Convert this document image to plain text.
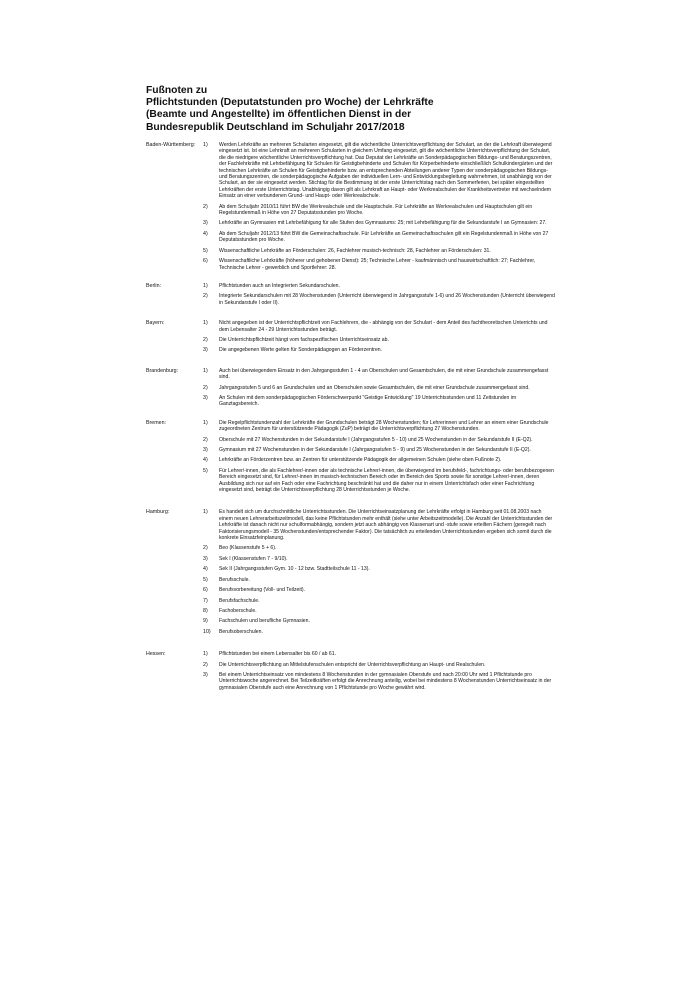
Fußnoten zu
Pflichtstunden (Deputatstunden pro Woche) der Lehrkräfte
(Beamte und Angestellte) im öffentlichen Dienst in der
Bundesrepublik Deutschland im Schuljahr 2017/2018
Baden-Württemberg:	1)	Werden Lehrkräfte an mehreren Schularten eingesetzt, gilt die wöchentliche Unterrichtsverpflichtung der Schulart, an der die Lehrkraft überwiegend eingesetzt ist. Ist eine Lehrkraft an mehreren Schularten in gleichem Umfang eingesetzt, gilt die wöchentliche Unterrichtsverpflichtung der Schulart, die die niedrigere wöchentliche Unterrichtsverpflichtung hat. Das Deputat der Lehrkräfte an Sonderpädagogischen Bildungs- und Beratungszentren, der Fachlehrkräfte mit Lehrbefähigung für Schulen für Geistigbehinderte und Schulen für Körperbehinderte einschließlich Schulkindergärten und der technischen Lehrkräfte an Schulen für Geistigbehinderte bzw. an entsprechenden Abteilungen anderer Typen der sonderpädagogischen Bildungs- und Beratungszentren, die sonderpädagogische Aufgaben der individuellen Lern- und Entwicklungsbegleitung wahrnehmen, ist unabhängig von der Schulart, an der sie eingesetzt werden. Stichtag für die Bestimmung ist der erste Unterrichtstag nach den Sommerferien, bei später eingestellten Lehrkräften der erste Unterrichtstag. Unabhängig davon gilt als Lehrkraft an Haupt- oder Werkrealschulen der Krankheitsvertreter mit wechselndem Einsatz an einer verbundenen Grund- und Haupt- oder Werkrealschule.
2)	Ab dem Schuljahr 2010/11 führt BW die Werkrealschule und die Hauptschule. Für Lehrkräfte an Werkrealschulen und Hauptschulen gilt ein Regelstundenmaß in Höhe von 27 Deputatsstunden pro Woche.
3)	Lehrkräfte an Gymnasien mit Lehrbefähigung für alle Stufen des Gymnasiums: 25; mit Lehrbefähigung für die Sekundarstufe I an Gymnasien: 27.
4)	Ab dem Schuljahr 2012/13 führt BW die Gemeinschaftsschule. Für Lehrkräfte an Gemeinschaftsschulen gilt ein Regelstundenmaß in Höhe von 27 Deputatsstunden pro Woche.
5)	Wissenschaftliche Lehrkräfte an Förderschulen: 26, Fachlehrer musisch-technisch: 28, Fachlehrer an Förderschulen: 31.
6)	Wissenschaftliche Lehrkräfte (höherer und gehobener Dienst): 25; Technische Lehrer - kaufmännisch und hauswirtschaftlich: 27; Fachlehrer, Technische Lehrer - gewerblich und Sportlehrer: 28.
Berlin:	1)	Pflichtstunden auch an Integrierten Sekundarschulen.
2)	Integrierte Sekundarschulen mit 28 Wochenstunden (Unterricht überwiegend in Jahrgangsstufe 1-6) und 26 Wochenstunden (Unterricht überwiegend in Sekundarstufe I oder II).
Bayern:	1)	Nicht angegeben ist der Unterrichtspflichtzeit von Fachlehrern, die - abhängig von der Schulart - dem Anteil des fachtheoretischen Unterrichts und dem Lebensalter 24 - 29 Unterrichtsstunden beträgt.
2)	Die Unterrichtspflichtzeit hängt vom fachspezifischen Unterrichtseinsatz ab.
3)	Die angegebenen Werte gelten für Sonderpädagogen an Förderzentren.
Brandenburg:	1)	Auch bei überwiegendem Einsatz in den Jahrgangsstufen 1 - 4 an Oberschulen und Gesamtschulen, die mit einer Grundschule zusammengefasst sind.
2)	Jahrgangsstufen 5 und 6 an Grundschulen und an Oberschulen sowie Gesamtschulen, die mit einer Grundschule zusammengefasst sind.
3)	An Schulen mit dem sonderpädagogischen Förderschwerpunkt "Geistige Entwicklung" 19 Unterrichtsstunden und 11 Zeitstunden im Ganztagsbereich.
Bremen:	1)	Die Regelpflichtstundenzahl der Lehrkräfte der Grundschulen beträgt 28 Wochenstunden; für Lehrerinnen und Lehrer an einem einer Grundschule zugeordneten Zentrum für unterstützende Pädagogik (ZuP) beträgt die Unterrichtsverpflichtung 27 Wochenstunden.
2)	Oberschule mit 27 Wochenstunden in der Sekundarstufe I (Jahrgangsstufen 5 - 10) und 25 Wochenstunden in der Sekundarstufe II (E-Q2).
3)	Gymnasium mit 27 Wochenstunden in der Sekundarstufe I (Jahrgangsstufen 5 - 9) und 25 Wochenstunden in der Sekundarstufe II (E-Q2).
4)	Lehrkräfte an Förderzentren bzw. an Zentren für unterstützende Pädagogik der allgemeinen Schulen (siehe oben Fußnote 2).
5)	Für Lehrer/-innen, die als Fachlehrer/-innen oder als technische Lehrer/-innen, die überwiegend im berufsfeld-, fachrichtungs- oder berufsbezogenen Bereich eingesetzt sind, für Lehrer/-innen im musisch-technischen Bereich oder im Bereich des Sports sowie für sonstige Lehrer/-innen, deren Ausbildung sich nur auf ein Fach oder eine Fachrichtung beschränkt hat und die daher nur in einem Unterrichtsfach oder einer Fachrichtung eingesetzt sind, beträgt die Unterrichtsverpflichtung 28 Unterrichtsstunden je Woche.
Hamburg:	1)	Es handelt sich um durchschnittliche Unterrichtsstunden. Die Unterrichtseinsatzplanung der Lehrkräfte erfolgt in Hamburg seit 01.08.2003 nach einem neuen Lehrerarbeitszeitmodell, das keine Pflichtstunden mehr enthält (siehe unter Arbeitszeitmodelle). Die Anzahl der Unterrichtsstunden der Lehrkräfte ist danach nicht nur schulformabhängig, sondern jetzt auch abhängig von Klassenart und -stufe sowie erteilten Fächern (geregelt nach Faktorisierungsmodell - 35 Wochenstunden/entsprechender Faktor). Die tatsächlich zu erteilenden Unterrichtsstunden ergeben sich somit durch die konkrete Einsatzfeinplanung.
2)	Beo (Klassenstufe 5 + 6).
3)	Sek I (Klassenstufen 7 - 9/10).
4)	Sek II (Jahrgangsstufen Gym. 10 - 12 bzw. Stadtteilschule 11 - 13).
5)	Berufsschule.
6)	Berufsvorbereitung (Voll- und Teilzeit).
7)	Berufsfachschule.
8)	Fachoberschule.
9)	Fachschulen und berufliche Gymnasien.
10)	Berufsoberschulen.
Hessen:	1)	Pflichtstunden bei einem Lebensalter bis 60 / ab 61.
2)	Die Unterrichtsverpflichtung an Mittelstufenschulen entspricht der Unterrichtsverpflichtung an Haupt- und Realschulen.
3)	Bei einem Unterrichtseinsatz von mindestens 8 Wochenstunden in der gymnasialen Oberstufe und nach 20:00 Uhr wird 1 Pflichtstunde pro Unterrichtswoche angerechnet. Bei Teilzeitkräften erfolgt die Anrechnung anteilig, wobei bei mindestens 8 Wochenstunden Unterrichtseinsatz in der gymnasialen Oberstufe auch eine Anrechnung von 1 Pflichtstunde pro Woche gewährt wird.
